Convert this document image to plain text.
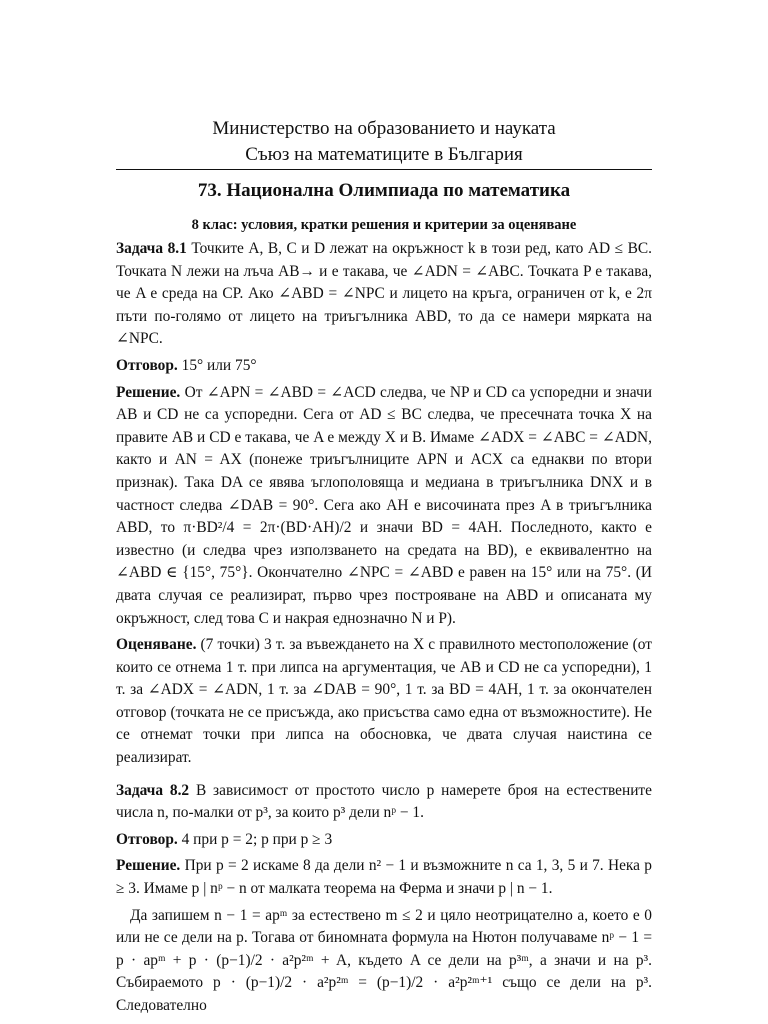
Министерство на образованието и науката

Съюз на математиците в България

73. Национална Олимпиада по математика

8 клас: условия, кратки решения и критерии за оценяване

Задача 8.1 Точките A, B, C и D лежат на окръжност k в този ред, като AD ≤ BC. Точката N лежи на лъча AB→ и е такава, че ∠ADN = ∠ABC. Точката P е такава, че A е среда на CP. Ако ∠ABD = ∠NPC и лицето на кръга, ограничен от k, е 2π пъти по-голямо от лицето на триъгълника ABD, то да се намери мярката на ∠NPC.

Отговор. 15° или 75°

Решение. От ∠APN = ∠ABD = ∠ACD следва, че NP и CD са успоредни и значи AB и CD не са успоредни. Сега от AD ≤ BC следва, че пресечната точка X на правите AB и CD е такава, че A е между X и B. Имаме ∠ADX = ∠ABC = ∠ADN, както и AN = AX (понеже триъгълниците APN и ACX са еднакви по втори признак). Така DA се явява ъглополовяща и медиана в триъгълника DNX и в частност следва ∠DAB = 90°. Сега ако AH е височината през A в триъгълника ABD, то π·BD²/4 = 2π·(BD·AH)/2 и значи BD = 4AH. Последното, както е известно (и следва чрез използването на средата на BD), е еквивалентно на ∠ABD ∈ {15°, 75°}. Окончателно ∠NPC = ∠ABD е равен на 15° или на 75°. (И двата случая се реализират, първо чрез построяване на ABD и описаната му окръжност, след това C и накрая еднозначно N и P).

Оценяване. (7 точки) 3 т. за въвеждането на X с правилното местоположение (от които се отнема 1 т. при липса на аргументация, че AB и CD не са успоредни), 1 т. за ∠ADX = ∠ADN, 1 т. за ∠DAB = 90°, 1 т. за BD = 4AH, 1 т. за окончателен отговор (точката не се присъжда, ако присъства само една от възможностите). Не се отнемат точки при липса на обосновка, че двата случая наистина се реализират.

Задача 8.2 В зависимост от простото число p намерете броя на естествените числа n, по-малки от p³, за които p³ дели nᵖ − 1.

Отговор. 4 при p = 2; p при p ≥ 3

Решение. При p = 2 искаме 8 да дели n² − 1 и възможните n са 1, 3, 5 и 7. Нека p ≥ 3. Имаме p | nᵖ − n от малката теорема на Ферма и значи p | n − 1.

Да запишем n − 1 = apᵐ за естествено m ≤ 2 и цяло неотрицателно a, което е 0 или не се дели на p. Тогава от биномната формула на Нютон получаваме nᵖ − 1 = p · apᵐ + p · (p−1)/2 · a²p²ᵐ + A, където A се дели на p³ᵐ, а значи и на p³. Събираемото p · (p−1)/2 · a²p²ᵐ = (p−1)/2 · a²p²ᵐ⁺¹ също се дели на p³. Следователно
